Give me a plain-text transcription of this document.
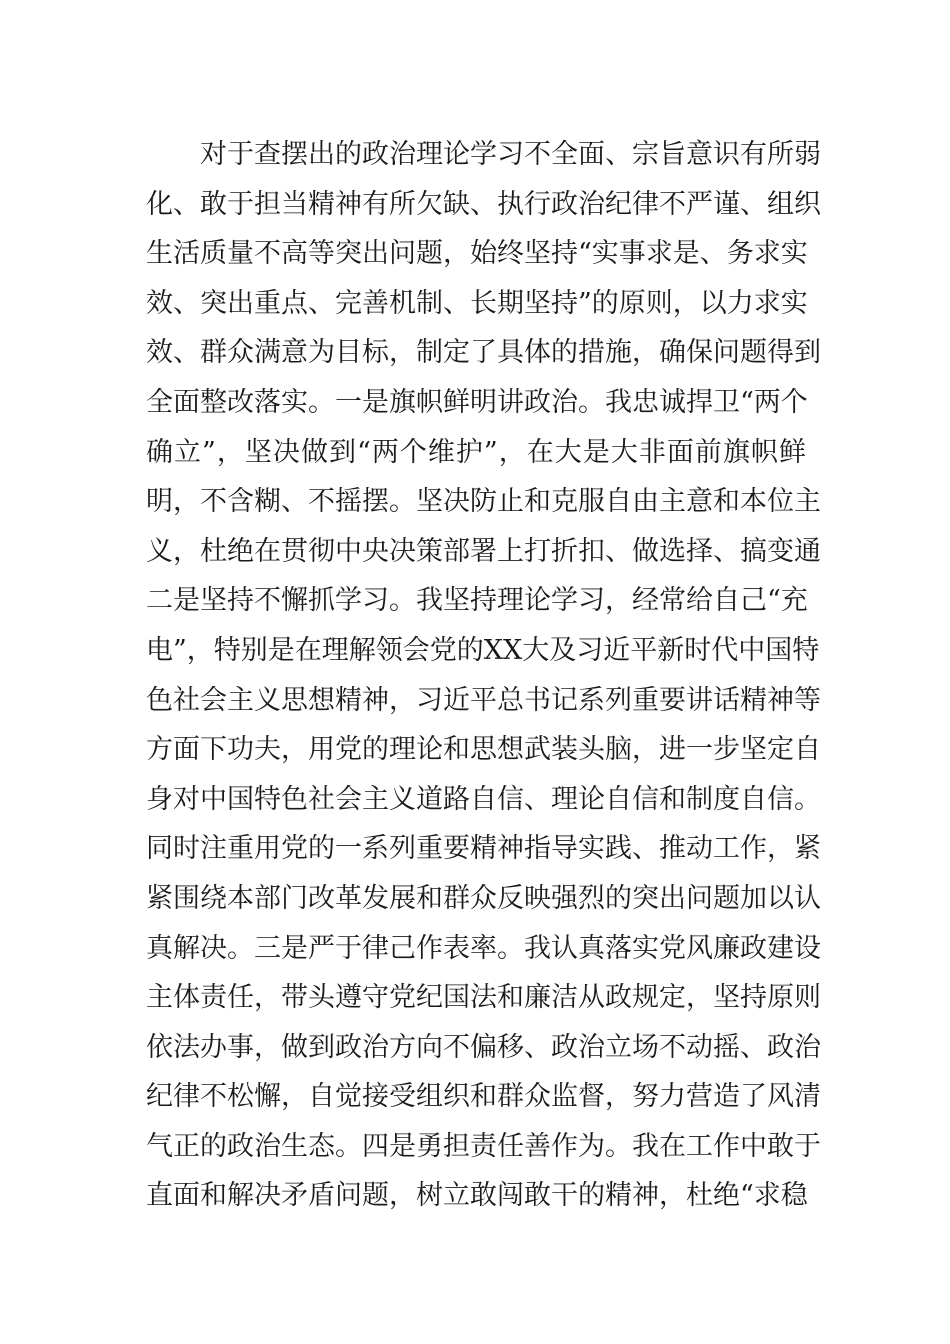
对于查摆出的政治理论学习不全面、宗旨意识有所弱
化、敢于担当精神有所欠缺、执行政治纪律不严谨、组织
生活质量不高等突出问题，始终坚持“实事求是、务求实
效、突出重点、完善机制、长期坚持”的原则，以力求实
效、群众满意为目标，制定了具体的措施，确保问题得到
全面整改落实。一是旗帜鲜明讲政治。我忠诚捍卫“两个
确立”，坚决做到“两个维护”，在大是大非面前旗帜鲜
明，不含糊、不摇摆。坚决防止和克服自由主意和本位主
义，杜绝在贯彻中央决策部署上打折扣、做选择、搞变通
二是坚持不懈抓学习。我坚持理论学习，经常给自己“充
电”，特别是在理解领会党的XX大及习近平新时代中国特
色社会主义思想精神，习近平总书记系列重要讲话精神等
方面下功夫，用党的理论和思想武装头脑，进一步坚定自
身对中国特色社会主义道路自信、理论自信和制度自信。
同时注重用党的一系列重要精神指导实践、推动工作，紧
紧围绕本部门改革发展和群众反映强烈的突出问题加以认
真解决。三是严于律己作表率。我认真落实党风廉政建设
主体责任，带头遵守党纪国法和廉洁从政规定，坚持原则
依法办事，做到政治方向不偏移、政治立场不动摇、政治
纪律不松懈，自觉接受组织和群众监督，努力营造了风清
气正的政治生态。四是勇担责任善作为。我在工作中敢于
直面和解决矛盾问题，树立敢闯敢干的精神，杜绝“求稳
